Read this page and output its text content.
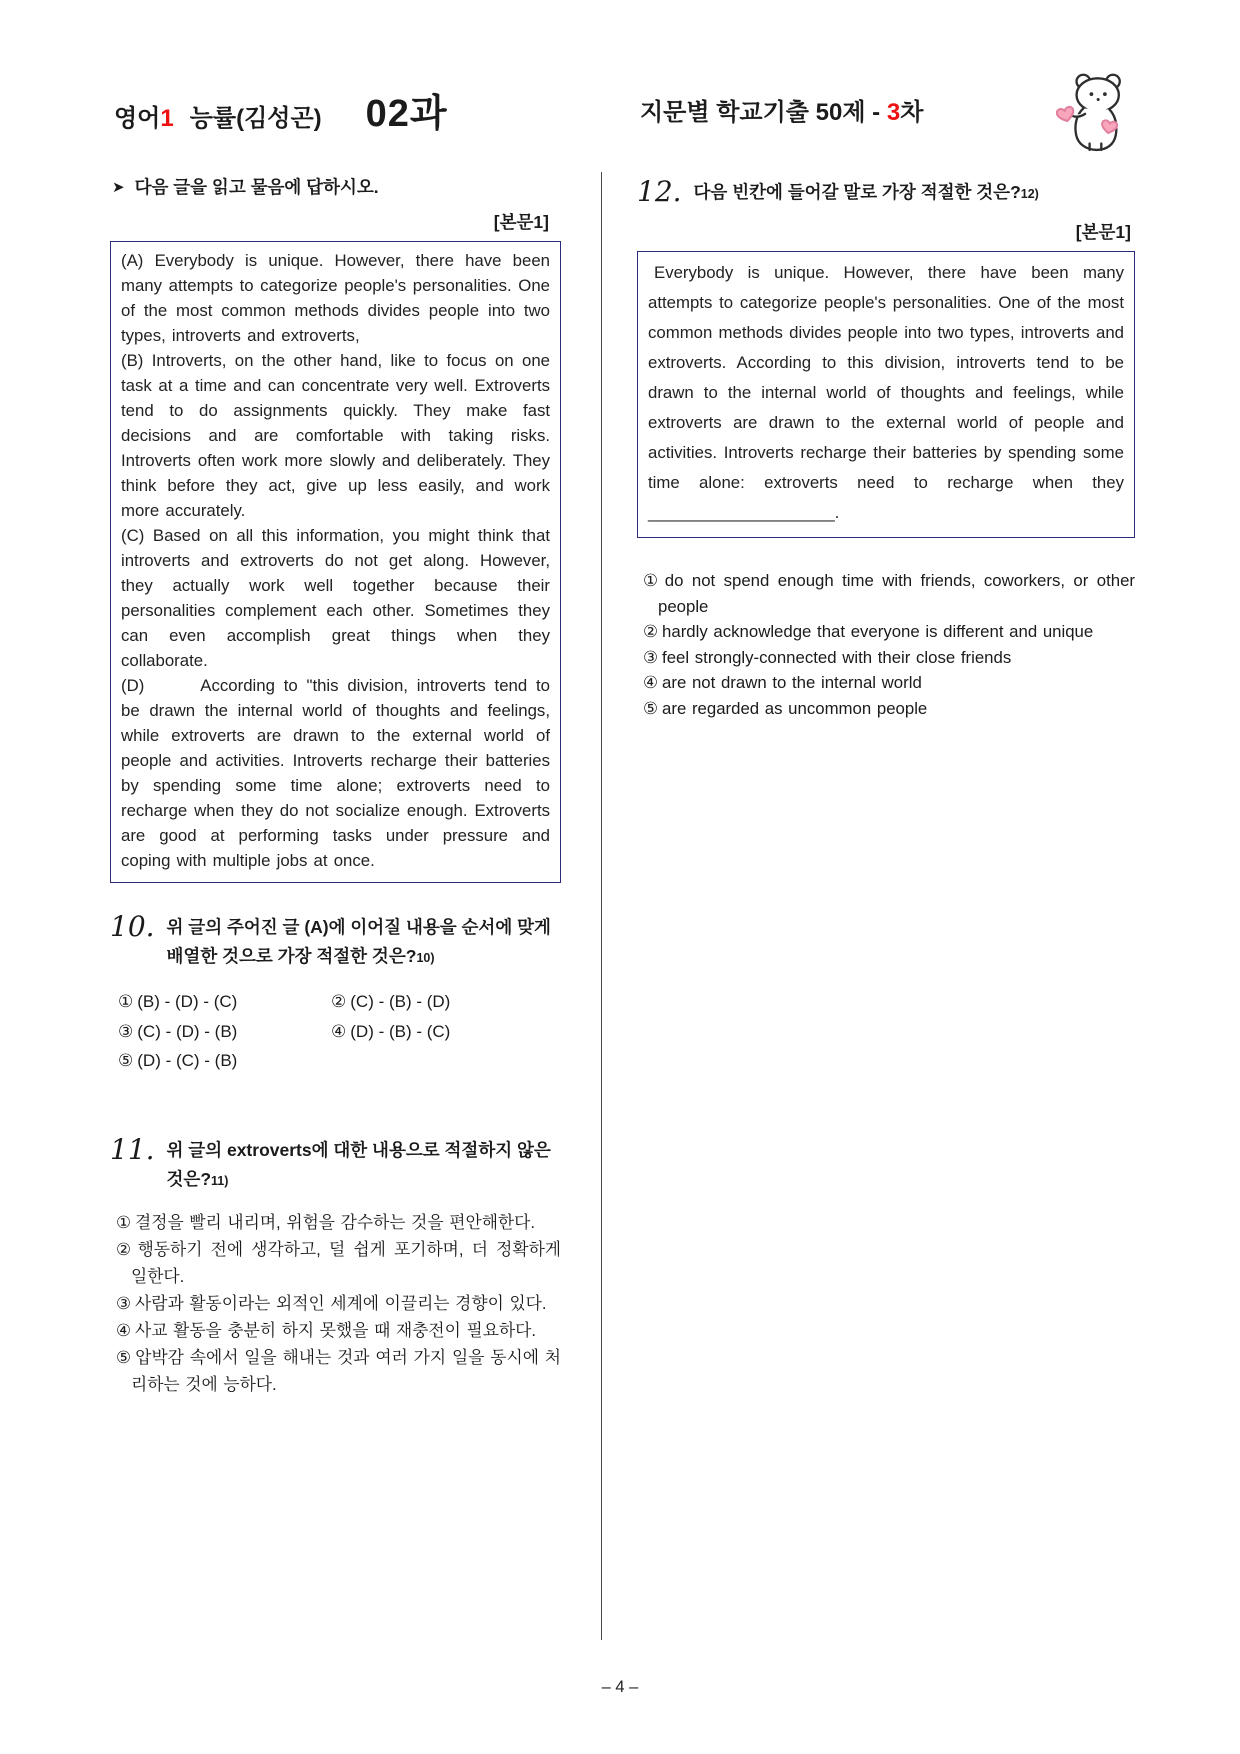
영어1 능률(김성곤) 02과	지문별 학교기출 50제 - 3차
➤ 다음 글을 읽고 물음에 답하시오.
[본문1]

(A) Everybody is unique. However, there have been many attempts to categorize people's personalities. One of the most common methods divides people into two types, introverts and extroverts,

(B) Introverts, on the other hand, like to focus on one task at a time and can concentrate very well. Extroverts tend to do assignments quickly. They make fast decisions and are comfortable with taking risks. Introverts often work more slowly and deliberately. They think before they act, give up less easily, and work more accurately.

(C) Based on all this information, you might think that introverts and extroverts do not get along. However, they actually work well together because their personalities complement each other. Sometimes they can even accomplish great things when they collaborate.

(D)	According to "this division, introverts tend to be drawn the internal world of thoughts and feelings, while extroverts are drawn to the external world of people and activities. Introverts recharge their batteries by spending some time alone; extroverts need to recharge when they do not socialize enough. Extroverts are good at performing tasks under pressure and coping with multiple jobs at once.

10. 위 글의 주어진 글 (A)에 이어질 내용을 순서에 맞게 배열한 것으로 가장 적절한 것은?10)
① (B) - (D) - (C)	② (C) - (B) - (D)
③ (C) - (D) - (B)	④ (D) - (B) - (C)
⑤ (D) - (C) - (B)
11. 위 글의 extroverts에 대한 내용으로 적절하지 않은 것은?11)
① 결정을 빨리 내리며, 위험을 감수하는 것을 편안해한다.
② 행동하기 전에 생각하고, 덜 쉽게 포기하며, 더 정확하게 일한다.
③ 사람과 활동이라는 외적인 세계에 이끌리는 경향이 있다.
④ 사교 활동을 충분히 하지 못했을 때 재충전이 필요하다.
⑤ 압박감 속에서 일을 해내는 것과 여러 가지 일을 동시에 처리하는 것에 능하다.
12. 다음 빈칸에 들어갈 말로 가장 적절한 것은?12)
[본문1]

Everybody is unique. However, there have been many attempts to categorize people's personalities. One of the most common methods divides people into two types, introverts and extroverts. According to this division, introverts tend to be drawn to the internal world of thoughts and feelings, while extroverts are drawn to the external world of people and activities. Introverts recharge their batteries by spending some time alone: extroverts need to recharge when they ____________________.

① do not spend enough time with friends, coworkers, or other people
② hardly acknowledge that everyone is different and unique
③ feel strongly-connected with their close friends
④ are not drawn to the internal world
⑤ are regarded as uncommon people
– 4 –
